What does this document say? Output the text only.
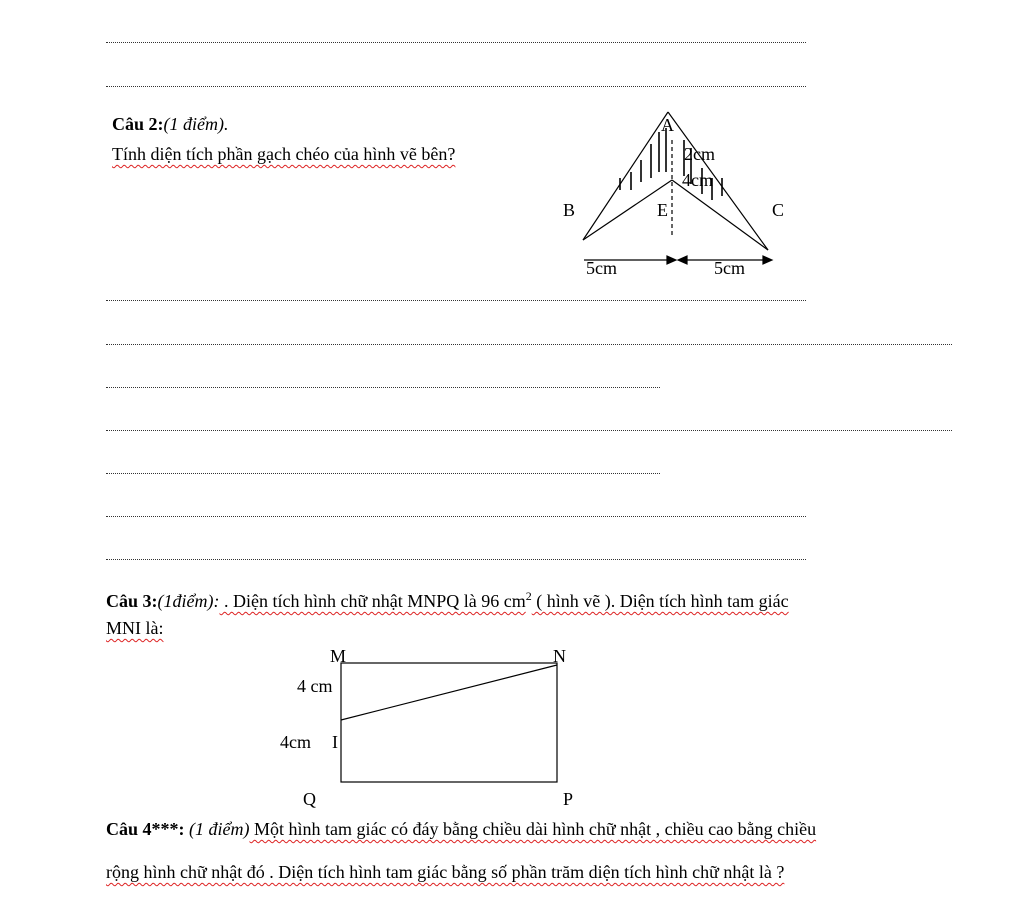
Câu 2:(1 điểm).
Tính diện tích phần gạch chéo của hình vẽ bên?
A
B	C
E
2cm
4cm
5cm	5cm
Câu 3:(1điểm): . Diện tích hình chữ nhật MNPQ là 96 $cm^2$ ( hình vẽ ). Diện tích hình tam giác
MNI là:
M	N
Q	P
I
4 cm
4cm
Câu 4***: (1 điểm) Một hình tam giác có đáy bằng chiều dài hình chữ nhật , chiều cao bằng chiều
rộng hình chữ nhật đó . Diện tích hình tam giác bằng số phần trăm diện tích hình chữ nhật là ?
